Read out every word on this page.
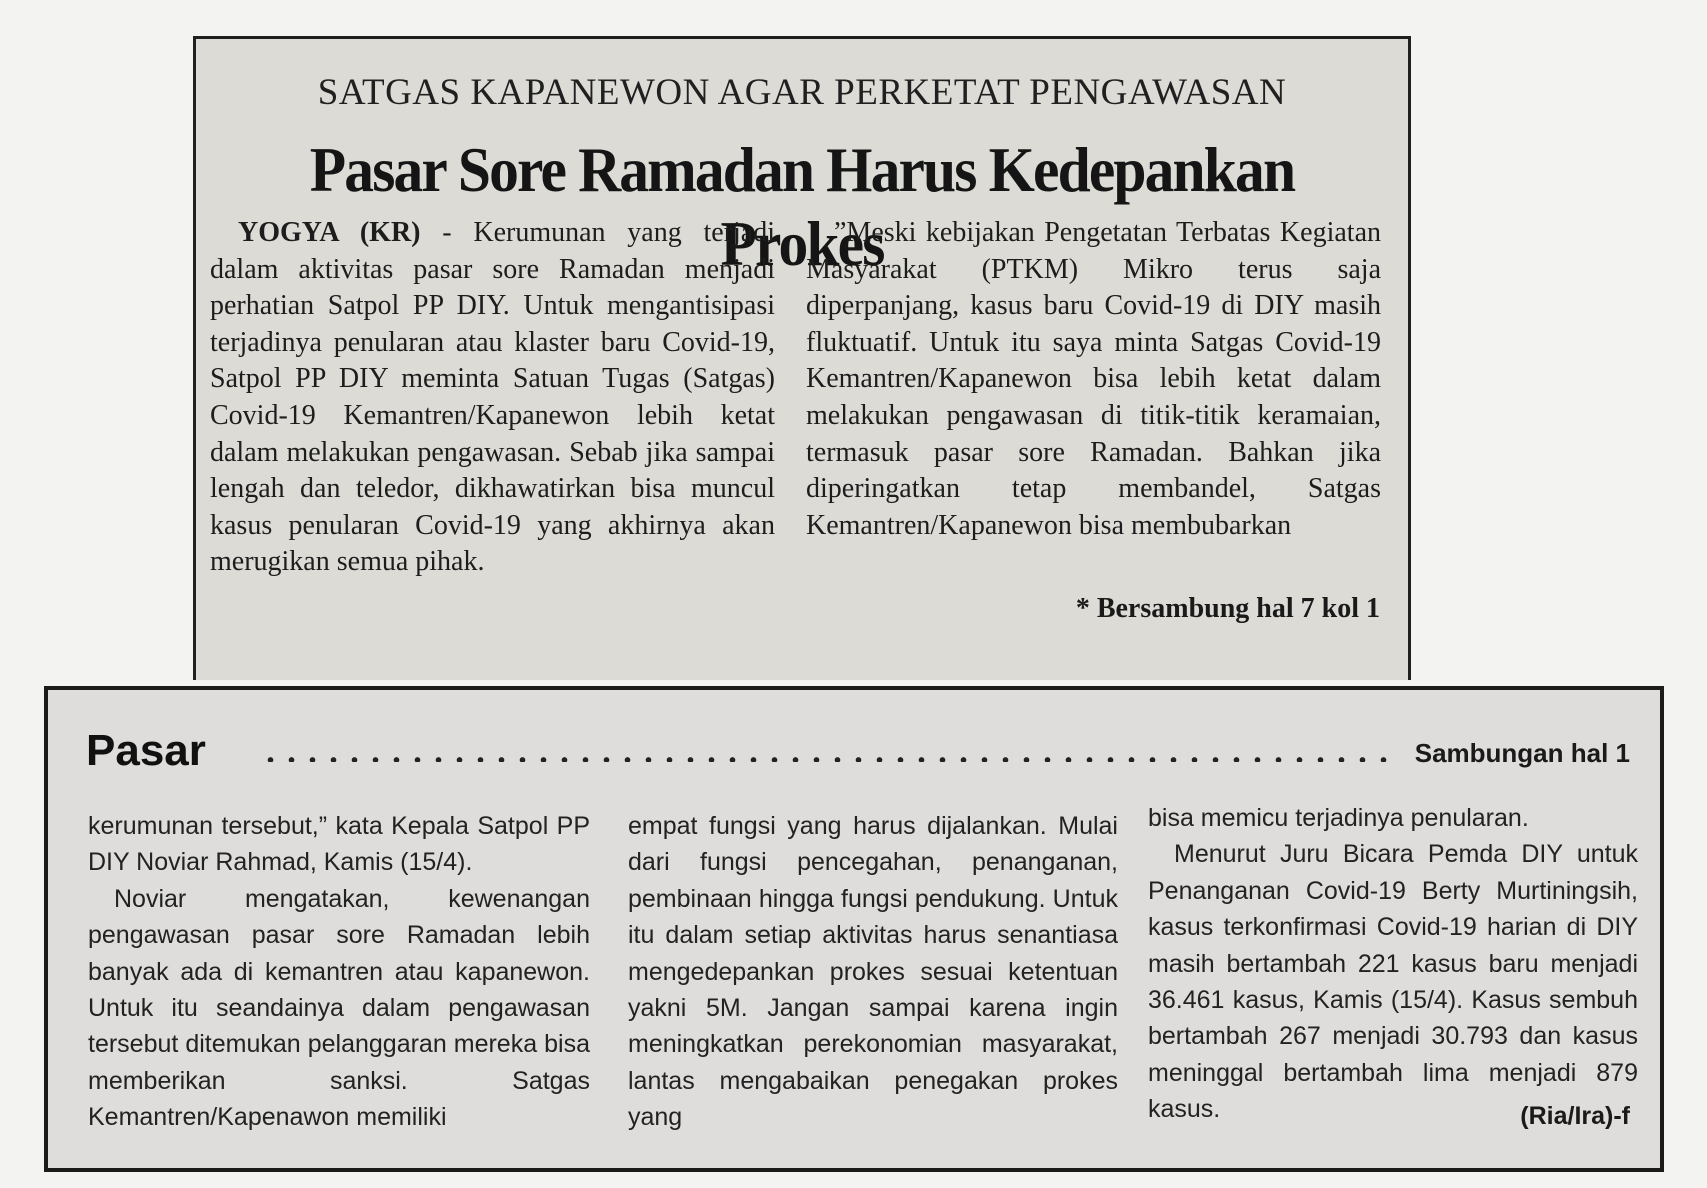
SATGAS KAPANEWON AGAR PERKETAT PENGAWASAN
Pasar Sore Ramadan Harus Kedepankan Prokes

YOGYA (KR) - Kerumunan yang terjadi dalam aktivitas pasar sore Ramadan menjadi perhatian Satpol PP DIY. Untuk mengantisipasi terjadinya penularan atau klaster baru Covid-19, Satpol PP DIY meminta Satuan Tugas (Satgas) Covid-19 Kemantren/Kapanewon lebih ketat dalam melakukan pengawasan. Sebab jika sampai lengah dan teledor, dikhawatirkan bisa muncul kasus penularan Covid-19 yang akhirnya akan merugikan semua pihak.

”Meski kebijakan Pengetatan Terbatas Kegiatan Masyarakat (PTKM) Mikro terus saja diperpanjang, kasus baru Covid-19 di DIY masih fluktuatif. Untuk itu saya minta Satgas Covid-19 Kemantren/Kapanewon bisa lebih ketat dalam melakukan pengawasan di titik-titik keramaian, termasuk pasar sore Ramadan. Bahkan jika diperingatkan tetap membandel, Satgas Kemantren/Kapanewon bisa membubarkan

* Bersambung hal 7 kol 1
Pasar	Sambungan hal 1

kerumunan tersebut,” kata Kepala Satpol PP DIY Noviar Rahmad, Kamis (15/4).

Noviar mengatakan, kewenangan pengawasan pasar sore Ramadan lebih banyak ada di kemantren atau kapanewon. Untuk itu seandainya dalam pengawasan tersebut ditemukan pelanggaran mereka bisa memberikan sanksi. Satgas Kemantren/Kapenawon memiliki

empat fungsi yang harus dijalankan. Mulai dari fungsi pencegahan, penanganan, pembinaan hingga fungsi pendukung. Untuk itu dalam setiap aktivitas harus senantiasa mengedepankan prokes sesuai ketentuan yakni 5M. Jangan sampai karena ingin meningkatkan perekonomian masyarakat, lantas mengabaikan penegakan prokes yang

bisa memicu terjadinya penularan.

Menurut Juru Bicara Pemda DIY untuk Penanganan Covid-19 Berty Murtiningsih, kasus terkonfirmasi Covid-19 harian di DIY masih bertambah 221 kasus baru menjadi 36.461 kasus, Kamis (15/4). Kasus sembuh bertambah 267 menjadi 30.793 dan kasus meninggal bertambah lima menjadi 879 kasus.	(Ria/Ira)-f
